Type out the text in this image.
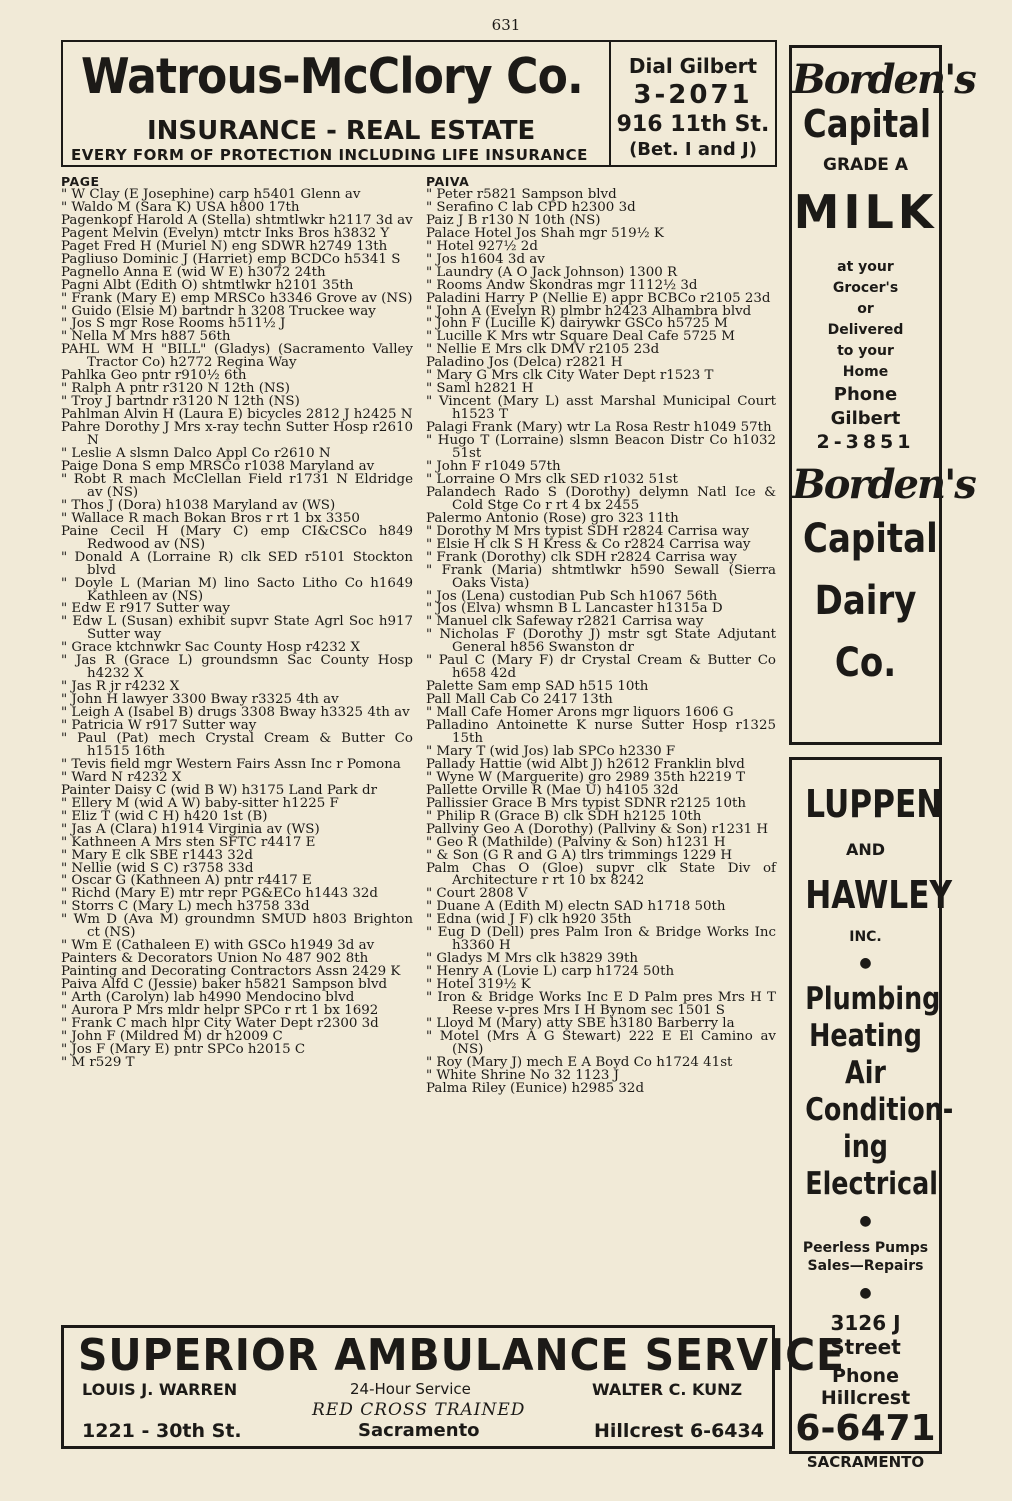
631
Watrous-McClory Co.
INSURANCE - REAL ESTATE
EVERY FORM OF PROTECTION INCLUDING LIFE INSURANCE
Dial Gilbert
3-2071
916 11th St.
(Bet. I and J)
PAGE
" W Clay (E Josephine) carp h5401 Glenn av
" Waldo M (Sara K) USA h800 17th
Pagenkopf Harold A (Stella) shtmtlwkr h2117 3d av
Pagent Melvin (Evelyn) mtctr Inks Bros h3832 Y
Paget Fred H (Muriel N) eng SDWR h2749 13th
Pagliuso Dominic J (Harriet) emp BCDCo h5341 S
Pagnello Anna E (wid W E) h3072 24th
Pagni Albt (Edith O) shtmtlwkr h2101 35th
" Frank (Mary E) emp MRSCo h3346 Grove av (NS)
" Guido (Elsie M) bartndr h 3208 Truckee way
" Jos S mgr Rose Rooms h511½ J
" Nella M Mrs h887 56th
PAHL WM H "BILL" (Gladys) (Sacramento Valley Tractor Co) h2772 Regina Way
Pahlka Geo pntr r910½ 6th
" Ralph A pntr r3120 N 12th (NS)
" Troy J bartndr r3120 N 12th (NS)
Pahlman Alvin H (Laura E) bicycles 2812 J h2425 N
Pahre Dorothy J Mrs x-ray techn Sutter Hosp r2610 N
" Leslie A slsmn Dalco Appl Co r2610 N
Paige Dona S emp MRSCo r1038 Maryland av
" Robt R mach McClellan Field r1731 N Eldridge av (NS)
" Thos J (Dora) h1038 Maryland av (WS)
" Wallace R mach Bokan Bros r rt 1 bx 3350
Paine Cecil H (Mary C) emp CI&CSCo h849 Redwood av (NS)
" Donald A (Lorraine R) clk SED r5101 Stockton blvd
" Doyle L (Marian M) lino Sacto Litho Co h1649 Kathleen av (NS)
" Edw E r917 Sutter way
" Edw L (Susan) exhibit supvr State Agrl Soc h917 Sutter way
" Grace ktchnwkr Sac County Hosp r4232 X
" Jas R (Grace L) groundsmn Sac County Hosp h4232 X
" Jas R jr r4232 X
" John H lawyer 3300 Bway r3325 4th av
" Leigh A (Isabel B) drugs 3308 Bway h3325 4th av
" Patricia W r917 Sutter way
" Paul (Pat) mech Crystal Cream & Butter Co h1515 16th
" Tevis field mgr Western Fairs Assn Inc r Pomona
" Ward N r4232 X
Painter Daisy C (wid B W) h3175 Land Park dr
" Ellery M (wid A W) baby-sitter h1225 F
" Eliz T (wid C H) h420 1st (B)
" Jas A (Clara) h1914 Virginia av (WS)
" Kathneen A Mrs sten SFTC r4417 E
" Mary E clk SBE r1443 32d
" Nellie (wid S C) r3758 33d
" Oscar G (Kathneen A) pntr r4417 E
" Richd (Mary E) mtr repr PG&ECo h1443 32d
" Storrs C (Mary L) mech h3758 33d
" Wm D (Ava M) groundmn SMUD h803 Brighton ct (NS)
" Wm E (Cathaleen E) with GSCo h1949 3d av
Painters & Decorators Union No 487 902 8th
Painting and Decorating Contractors Assn 2429 K
Paiva Alfd C (Jessie) baker h5821 Sampson blvd
" Arth (Carolyn) lab h4990 Mendocino blvd
" Aurora P Mrs mldr helpr SPCo r rt 1 bx 1692
" Frank C mach hlpr City Water Dept r2300 3d
" John F (Mildred M) dr h2009 C
" Jos F (Mary E) pntr SPCo h2015 C
" M r529 T
PAIVA
" Peter r5821 Sampson blvd
" Serafino C lab CPD h2300 3d
Paiz J B r130 N 10th (NS)
Palace Hotel Jos Shah mgr 519½ K
" Hotel 927½ 2d
" Jos h1604 3d av
" Laundry (A O Jack Johnson) 1300 R
" Rooms Andw Skondras mgr 1112½ 3d
Paladini Harry P (Nellie E) appr BCBCo r2105 23d
" John A (Evelyn R) plmbr h2423 Alhambra blvd
" John F (Lucille K) dairywkr GSCo h5725 M
" Lucille K Mrs wtr Square Deal Cafe 5725 M
" Nellie E Mrs clk DMV r2105 23d
Paladino Jos (Delca) r2821 H
" Mary G Mrs clk City Water Dept r1523 T
" Saml h2821 H
" Vincent (Mary L) asst Marshal Municipal Court h1523 T
Palagi Frank (Mary) wtr La Rosa Restr h1049 57th
" Hugo T (Lorraine) slsmn Beacon Distr Co h1032 51st
" John F r1049 57th
" Lorraine O Mrs clk SED r1032 51st
Palandech Rado S (Dorothy) delymn Natl Ice & Cold Stge Co r rt 4 bx 2455
Palermo Antonio (Rose) gro 323 11th
" Dorothy M Mrs typist SDH r2824 Carrisa way
" Elsie H clk S H Kress & Co r2824 Carrisa way
" Frank (Dorothy) clk SDH r2824 Carrisa way
" Frank (Maria) shtmtlwkr h590 Sewall (Sierra Oaks Vista)
" Jos (Lena) custodian Pub Sch h1067 56th
" Jos (Elva) whsmn B L Lancaster h1315a D
" Manuel clk Safeway r2821 Carrisa way
" Nicholas F (Dorothy J) mstr sgt State Adjutant General h856 Swanston dr
" Paul C (Mary F) dr Crystal Cream & Butter Co h658 42d
Palette Sam emp SAD h515 10th
Pall Mall Cab Co 2417 13th
" Mall Cafe Homer Arons mgr liquors 1606 G
Palladino Antoinette K nurse Sutter Hosp r1325 15th
" Mary T (wid Jos) lab SPCo h2330 F
Pallady Hattie (wid Albt J) h2612 Franklin blvd
" Wyne W (Marguerite) gro 2989 35th h2219 T
Pallette Orville R (Mae U) h4105 32d
Pallissier Grace B Mrs typist SDNR r2125 10th
" Philip R (Grace B) clk SDH h2125 10th
Pallviny Geo A (Dorothy) (Pallviny & Son) r1231 H
" Geo R (Mathilde) (Palviny & Son) h1231 H
" & Son (G R and G A) tlrs trimmings 1229 H
Palm Chas O (Gloe) supvr clk State Div of Architecture r rt 10 bx 8242
" Court 2808 V
" Duane A (Edith M) electn SAD h1718 50th
" Edna (wid J F) clk h920 35th
" Eug D (Dell) pres Palm Iron & Bridge Works Inc h3360 H
" Gladys M Mrs clk h3829 39th
" Henry A (Lovie L) carp h1724 50th
" Hotel 319½ K
" Iron & Bridge Works Inc E D Palm pres Mrs H T Reese v-pres Mrs I H Bynom sec 1501 S
" Lloyd M (Mary) atty SBE h3180 Barberry la
" Motel (Mrs A G Stewart) 222 E El Camino av (NS)
" Roy (Mary J) mech E A Boyd Co h1724 41st
" White Shrine No 32 1123 J
Palma Riley (Eunice) h2985 32d
Borden's
Capital
GRADE A
MILK
at your
Grocer's
or
Delivered
to your
Home
Phone
Gilbert
2-3851
Borden's
Capital
Dairy
Co.
LUPPEN
AND
HAWLEY
INC.
●
Plumbing
Heating
Air
Condition-
ing
Electrical
●
Peerless Pumps
Sales—Repairs
●
3126 J Street
Phone Hillcrest
6-6471
SACRAMENTO
SUPERIOR AMBULANCE SERVICE
LOUIS J. WARREN	24-Hour Service	WALTER C. KUNZ
RED CROSS TRAINED
1221 - 30th St.	Sacramento	Hillcrest 6-6434
